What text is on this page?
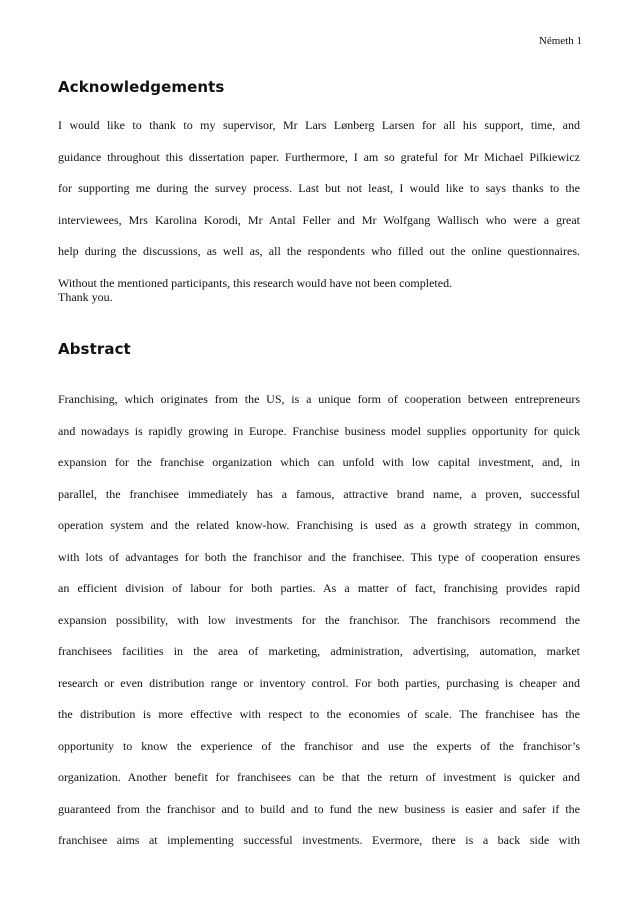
Németh 1
Acknowledgements
I would like to thank to my supervisor, Mr Lars Lønberg Larsen for all his support, time, and
guidance throughout this dissertation paper. Furthermore, I am so grateful for Mr Michael Pilkiewicz
for supporting me during the survey process. Last but not least, I would like to says thanks to the
interviewees, Mrs Karolina Korodi, Mr Antal Feller and Mr Wolfgang Wallisch who were a great
help during the discussions, as well as, all the respondents who filled out the online questionnaires.
Without the mentioned participants, this research would have not been completed.
Thank you.
Abstract
Franchising, which originates from the US, is a unique form of cooperation between entrepreneurs
and nowadays is rapidly growing in Europe. Franchise business model supplies opportunity for quick
expansion for the franchise organization which can unfold with low capital investment, and, in
parallel, the franchisee immediately has a famous, attractive brand name, a proven, successful
operation system and the related know-how. Franchising is used as a growth strategy in common,
with lots of advantages for both the franchisor and the franchisee. This type of cooperation ensures
an efficient division of labour for both parties. As a matter of fact, franchising provides rapid
expansion possibility, with low investments for the franchisor. The franchisors recommend the
franchisees facilities in the area of marketing, administration, advertising, automation, market
research or even distribution range or inventory control. For both parties, purchasing is cheaper and
the distribution is more effective with respect to the economies of scale. The franchisee has the
opportunity to know the experience of the franchisor and use the experts of the franchisor’s
organization. Another benefit for franchisees can be that the return of investment is quicker and
guaranteed from the franchisor and to build and to fund the new business is easier and safer if the
franchisee aims at implementing successful investments. Evermore, there is a back side with
